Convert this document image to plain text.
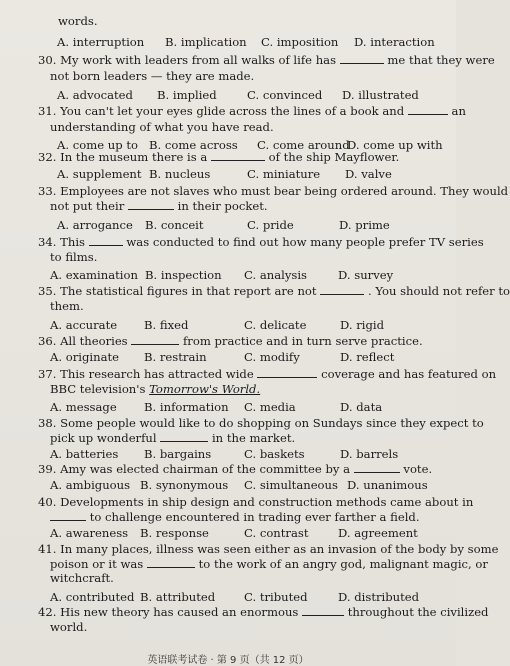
words.
A. interruption B. implication C. imposition D. interaction
30. My work with leaders from all walks of life has	me that they were
not born leaders — they are made.
A. advocated B. implied	C. convinced D. illustrated
31. You can't let your eyes glide across the lines of a book and	an
understanding of what you have read.
A. come up to B. come across C. come around
D. come up with
32. In the museum there is a	of the ship Mayflower.
A. supplement B. nucleus	C. miniature D. valve
33. Employees are not slaves who must bear being ordered around. They would
not put their	in their pocket.
A. arrogance B. conceit	C. pride	D. prime
34. This	was conducted to find out how many people prefer TV series
to films.
A. examination B. inspection C. analysis	D. survey
35. The statistical figures in that report are not	. You should not refer to
them.
A. accurate B. fixed	C. delicate	D. rigid
36. All theories	from practice and in turn serve practice.
A. originate B. restrain	C. modify	D. reflect
37. This research has attracted wide	coverage and has featured on
BBC television's Tomorrow's World.
A. message B. information C. media	D. data
38. Some people would like to do shopping on Sundays since they expect to
pick up wonderful	in the market.
A. batteries B. bargains	C. baskets	D. barrels
39. Amy was elected chairman of the committee by a	vote.
A. ambiguous B. synonymous C. simultaneous D. unanimous
40. Developments in ship design and construction methods came about in
to challenge encountered in trading ever farther a field.
A. awareness B. response	C. contrast	D. agreement
41. In many places, illness was seen either as an invasion of the body by some
poison or it was	to the work of an angry god, malignant magic, or
witchcraft.
A. contributed B. attributed C. tributed	D. distributed
42. His new theory has caused an enormous	throughout the civilized
world.
英语联考试卷 · 第 9 页（共 12 页）
